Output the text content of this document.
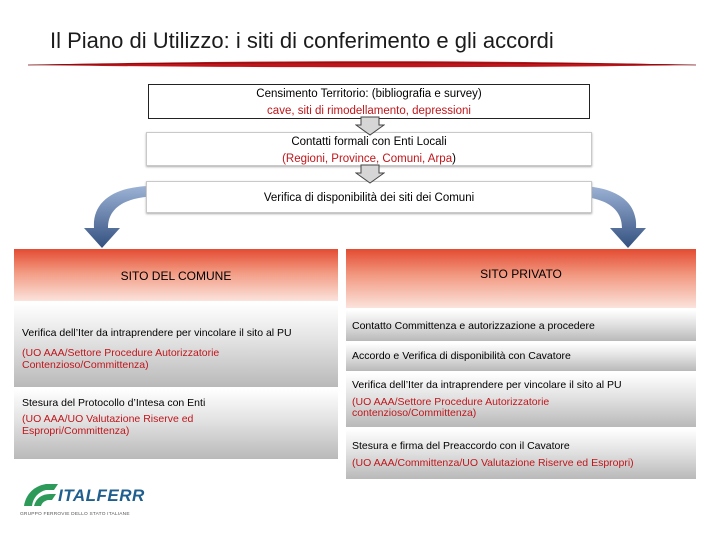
Il Piano di Utilizzo: i siti di conferimento e gli accordi
Censimento Territorio: (bibliografia e survey)
cave, siti di rimodellamento, depressioni
Contatti formali con Enti Locali
(Regioni, Province, Comuni, Arpa)
Verifica di disponibilità dei siti dei Comuni
SITO DEL COMUNE
Verifica dell’Iter da intraprendere per vincolare il sito al PU
(UO AAA/Settore Procedure Autorizzatorie
Contenzioso/Committenza)
Stesura del Protocollo d’Intesa con Enti
(UO AAA/UO Valutazione Riserve ed
Espropri/Committenza)
SITO PRIVATO
Contatto Committenza e autorizzazione a procedere
Accordo e Verifica di disponibilità con Cavatore
Verifica dell’Iter da intraprendere per vincolare il sito al PU
(UO AAA/Settore Procedure Autorizzatorie
contenzioso/Committenza)
Stesura e firma del Preaccordo con il Cavatore
(UO AAA/Committenza/UO Valutazione Riserve ed Espropri)
ITALFERR
GRUPPO FERROVIE DELLO STATO ITALIANE
